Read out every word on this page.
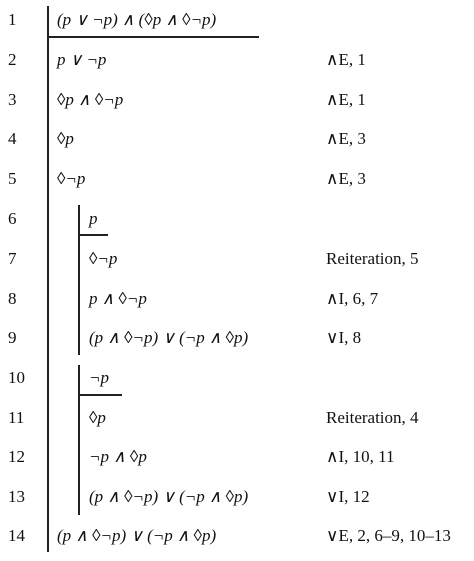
1 (p ∨ ¬p) ∧ (◊p ∧ ◊¬p)
2 p ∨ ¬p	∧E, 1
3 ◊p ∧ ◊¬p	∧E, 1
4 ◊p	∧E, 3
5 ◊¬p	∧E, 3
6	p
7	◊¬p	Reiteration, 5
8	p ∧ ◊¬p	∧I, 6, 7
9	(p ∧ ◊¬p) ∨ (¬p ∧ ◊p)	∨I, 8
10	¬p
11	◊p	Reiteration, 4
12	¬p ∧ ◊p	∧I, 10, 11
13	(p ∧ ◊¬p) ∨ (¬p ∧ ◊p)	∨I, 12
14 (p ∧ ◊¬p) ∨ (¬p ∧ ◊p)	∨E, 2, 6–9, 10–13
